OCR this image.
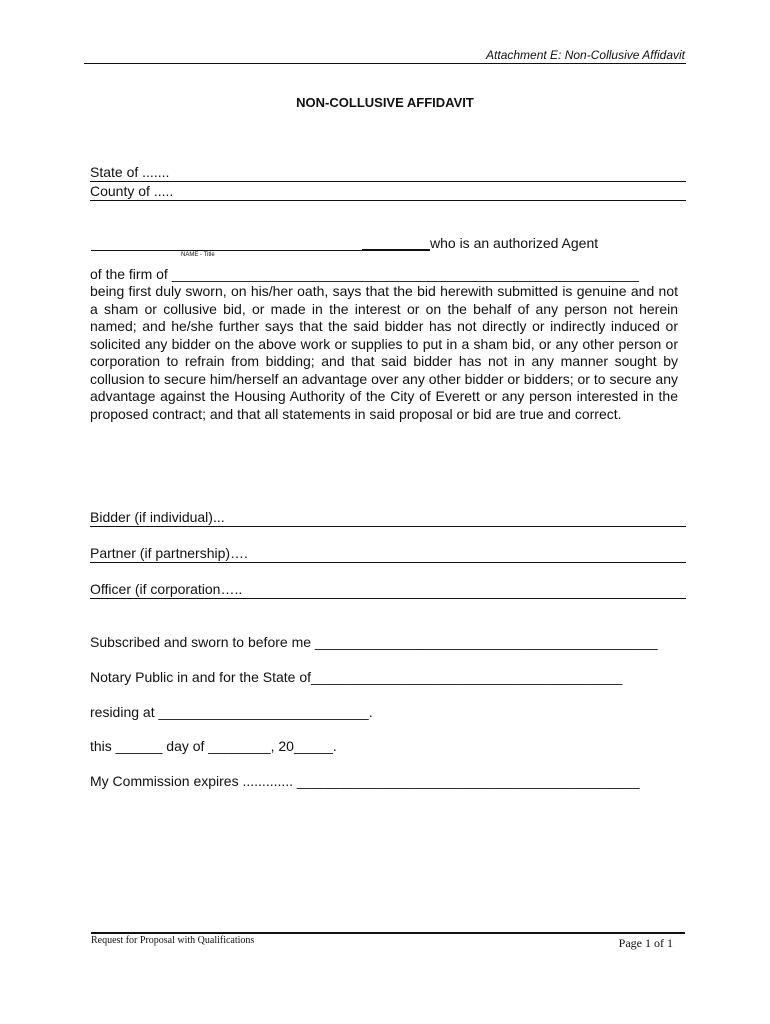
Attachment E: Non-Collusive Affidavit
NON-COLLUSIVE AFFIDAVIT
State of .......
County of .....
who is an authorized Agent
NAME - Title
of the firm of ____________________________________________________________
being first duly sworn, on his/her oath, says that the bid herewith submitted is genuine and not a sham or collusive bid, or made in the interest or on the behalf of any person not herein named; and he/she further says that the said bidder has not directly or indirectly induced or solicited any bidder on the above work or supplies to put in a sham bid, or any other person or corporation to refrain from bidding; and that said bidder has not in any manner sought by collusion to secure him/herself an advantage over any other bidder or bidders; or to secure any advantage against the Housing Authority of the City of Everett or any person interested in the proposed contract; and that all statements in said proposal or bid are true and correct.
Bidder (if individual)...
Partner (if partnership)….
Officer (if corporation…..
Subscribed and sworn to before me ____________________________________________
Notary Public in and for the State of________________________________________
residing at ___________________________.
this ______ day of ________, 20_____.
My Commission expires ............. ____________________________________________
Request for Proposal with Qualifications	Page 1 of 1
